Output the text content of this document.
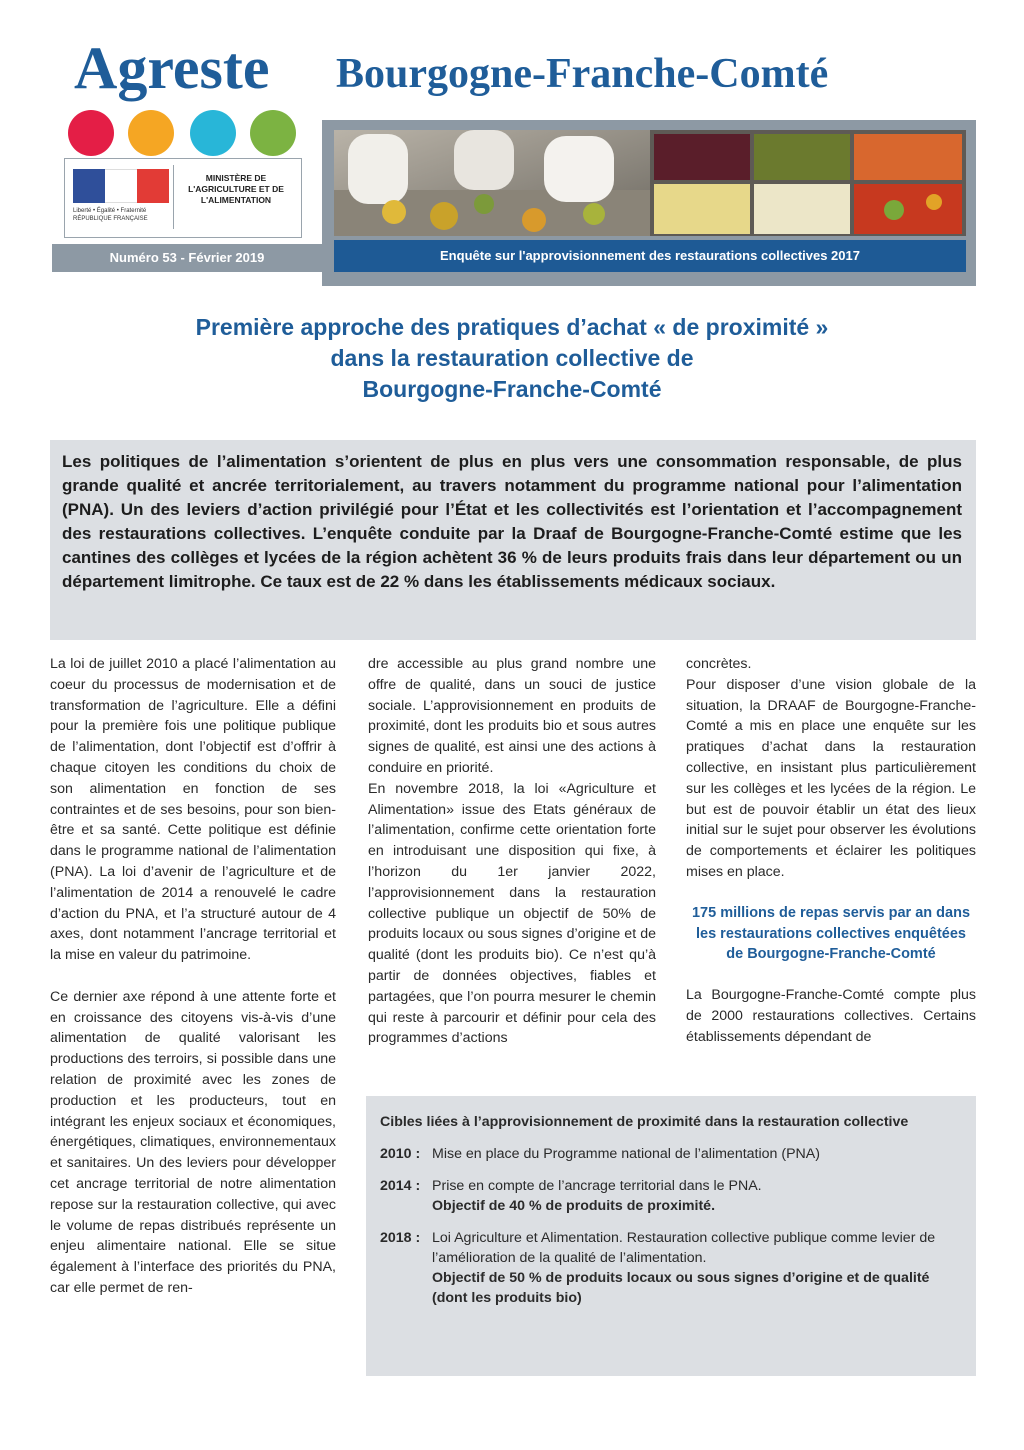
Agreste Bourgogne-Franche-Comté
Liberté • Égalité • Fraternité
RÉPUBLIQUE FRANÇAISE
MINISTÈRE DE L'AGRICULTURE ET DE L'ALIMENTATION
Numéro 53 - Février 2019	Enquête sur l'approvisionnement des restaurations collectives 2017
Première approche des pratiques d’achat « de proximité »
dans la restauration collective de
Bourgogne-Franche-Comté

Les politiques de l’alimentation s’orientent de plus en plus vers une consommation responsable, de plus grande qualité et ancrée territorialement, au travers notamment du programme national pour l’alimentation (PNA). Un des leviers d’action privilégié pour l’État et les collectivités est l’orientation et l’accompagnement des restaurations collectives. L’enquête conduite par la Draaf de Bourgogne-Franche-Comté estime que les cantines des collèges et lycées de la région achètent 36 % de leurs produits frais dans leur département ou un département limitrophe. Ce taux est de 22 % dans les établissements médicaux sociaux.

La loi de juillet 2010 a placé l’alimentation au coeur du processus de modernisation et de transformation de l’agriculture. Elle a défini pour la première fois une politique publique de l’alimentation, dont l’objectif est d’offrir à chaque citoyen les conditions du choix de son alimentation en fonction de ses contraintes et de ses besoins, pour son bien-être et sa santé. Cette politique est définie dans le programme national de l’alimentation (PNA). La loi d’avenir de l’agriculture et de l’alimentation de 2014 a renouvelé le cadre d’action du PNA, et l’a structuré autour de 4 axes, dont notamment l’ancrage territorial et la mise en valeur du patrimoine.

Ce dernier axe répond à une attente forte et en croissance des citoyens vis-à-vis d’une alimentation de qualité valorisant les productions des terroirs, si possible dans une relation de proximité avec les zones de production et les producteurs, tout en intégrant les enjeux sociaux et économiques, énergétiques, climatiques, environnementaux et sanitaires. Un des leviers pour développer cet ancrage territorial de notre alimentation repose sur la restauration collective, qui avec le volume de repas distribués représente un enjeu alimentaire national. Elle se situe également à l’interface des priorités du PNA, car elle permet de ren-

dre accessible au plus grand nombre une offre de qualité, dans un souci de justice sociale. L’approvisionnement en produits de proximité, dont les produits bio et sous autres signes de qualité, est ainsi une des actions à conduire en priorité.

En novembre 2018, la loi «Agriculture et Alimentation» issue des Etats généraux de l’alimentation, confirme cette orientation forte en introduisant une disposition qui fixe, à l’horizon du 1er janvier 2022, l’approvisionnement dans la restauration collective publique un objectif de 50% de produits locaux ou sous signes d’origine et de qualité (dont les produits bio). Ce n’est qu’à partir de données objectives, fiables et partagées, que l’on pourra mesurer le chemin qui reste à parcourir et définir pour cela des programmes d’actions

concrètes.

Pour disposer d’une vision globale de la situation, la DRAAF de Bourgogne-Franche-Comté a mis en place une enquête sur les pratiques d’achat dans la restauration collective, en insistant plus particulièrement sur les collèges et les lycées de la région. Le but est de pouvoir établir un état des lieux initial sur le sujet pour observer les évolutions de comportements et éclairer les politiques mises en place.

175 millions de repas servis par an dans les restaurations collectives enquêtées de Bourgogne-Franche-Comté

La Bourgogne-Franche-Comté compte plus de 2000 restaurations collectives. Certains établissements dépendant de

Cibles liées à l’approvisionnement de proximité dans la restauration collective
2010 : Mise en place du Programme national de l’alimentation (PNA)
2014 : Prise en compte de l’ancrage territorial dans le PNA.
Objectif de 40 % de produits de proximité.
2018 : Loi Agriculture et Alimentation. Restauration collective publique comme levier de l’amélioration de la qualité de l’alimentation.
Objectif de 50 % de produits locaux ou sous signes d’origine et de qualité (dont les produits bio)
